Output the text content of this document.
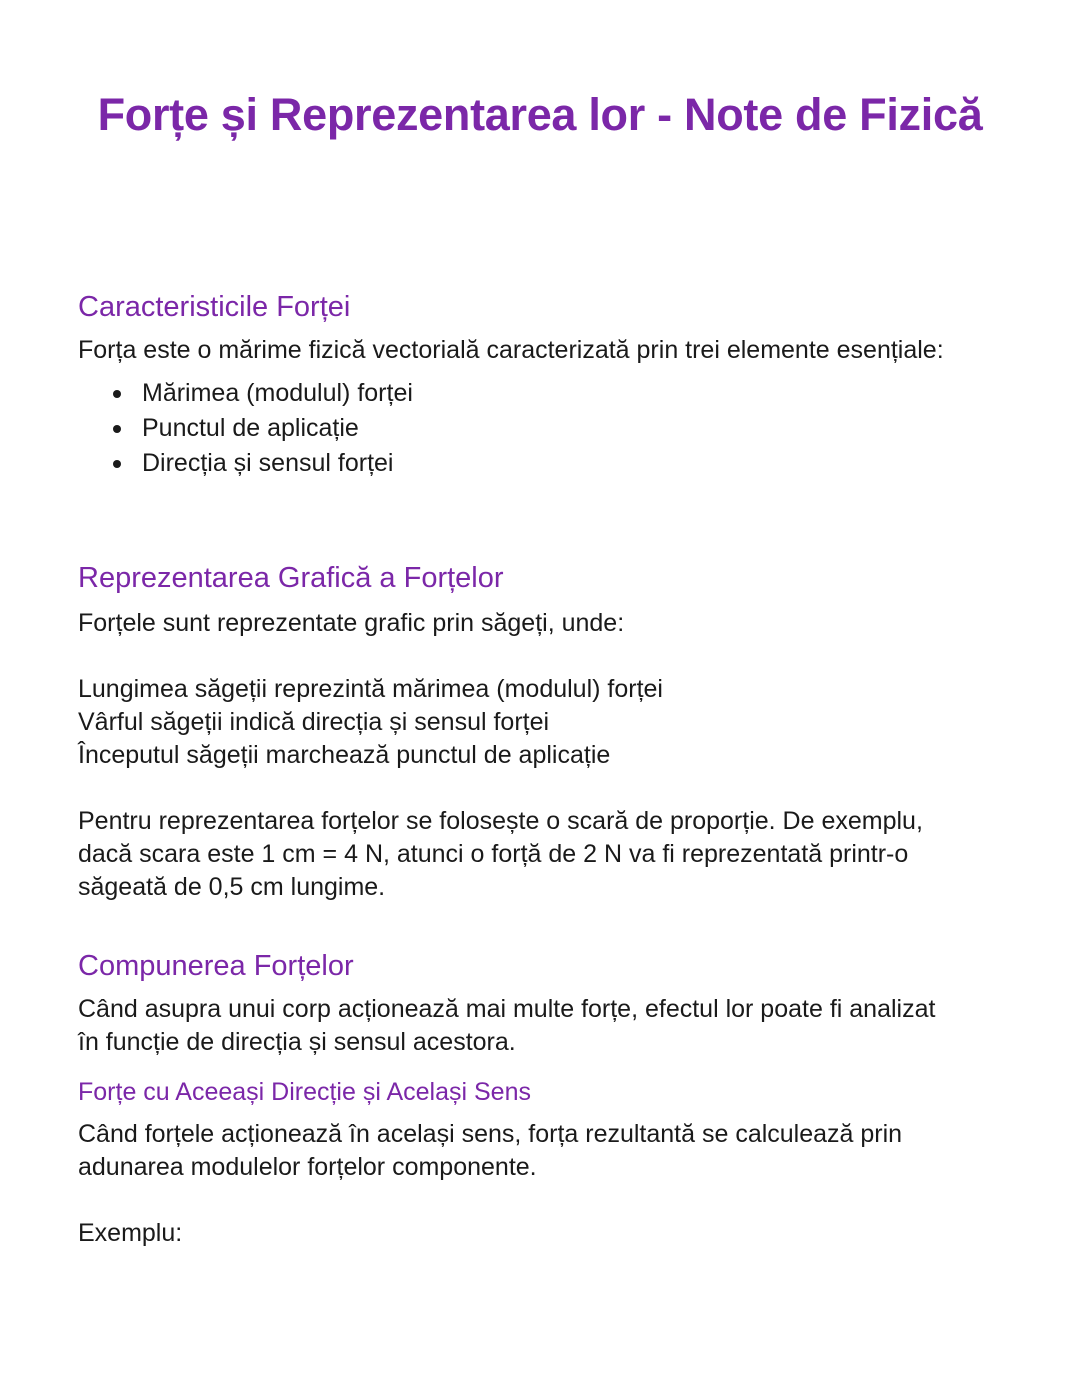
Forțe și Reprezentarea lor - Note de Fizică
Caracteristicile Forței

Forța este o mărime fizică vectorială caracterizată prin trei elemente esențiale:

Mărimea (modulul) forței
Punctul de aplicație
Direcția și sensul forței
Reprezentarea Grafică a Forțelor

Forțele sunt reprezentate grafic prin săgeți, unde:

Lungimea săgeții reprezintă mărimea (modulul) forței
Vârful săgeții indică direcția și sensul forței
Începutul săgeții marchează punctul de aplicație

Pentru reprezentarea forțelor se folosește o scară de proporție. De exemplu, dacă scara este 1 cm = 4 N, atunci o forță de 2 N va fi reprezentată printr-o săgeată de 0,5 cm lungime.

Compunerea Forțelor

Când asupra unui corp acționează mai multe forțe, efectul lor poate fi analizat în funcție de direcția și sensul acestora.

Forțe cu Aceeași Direcție și Același Sens

Când forțele acționează în același sens, forța rezultantă se calculează prin adunarea modulelor forțelor componente.

Exemplu:
